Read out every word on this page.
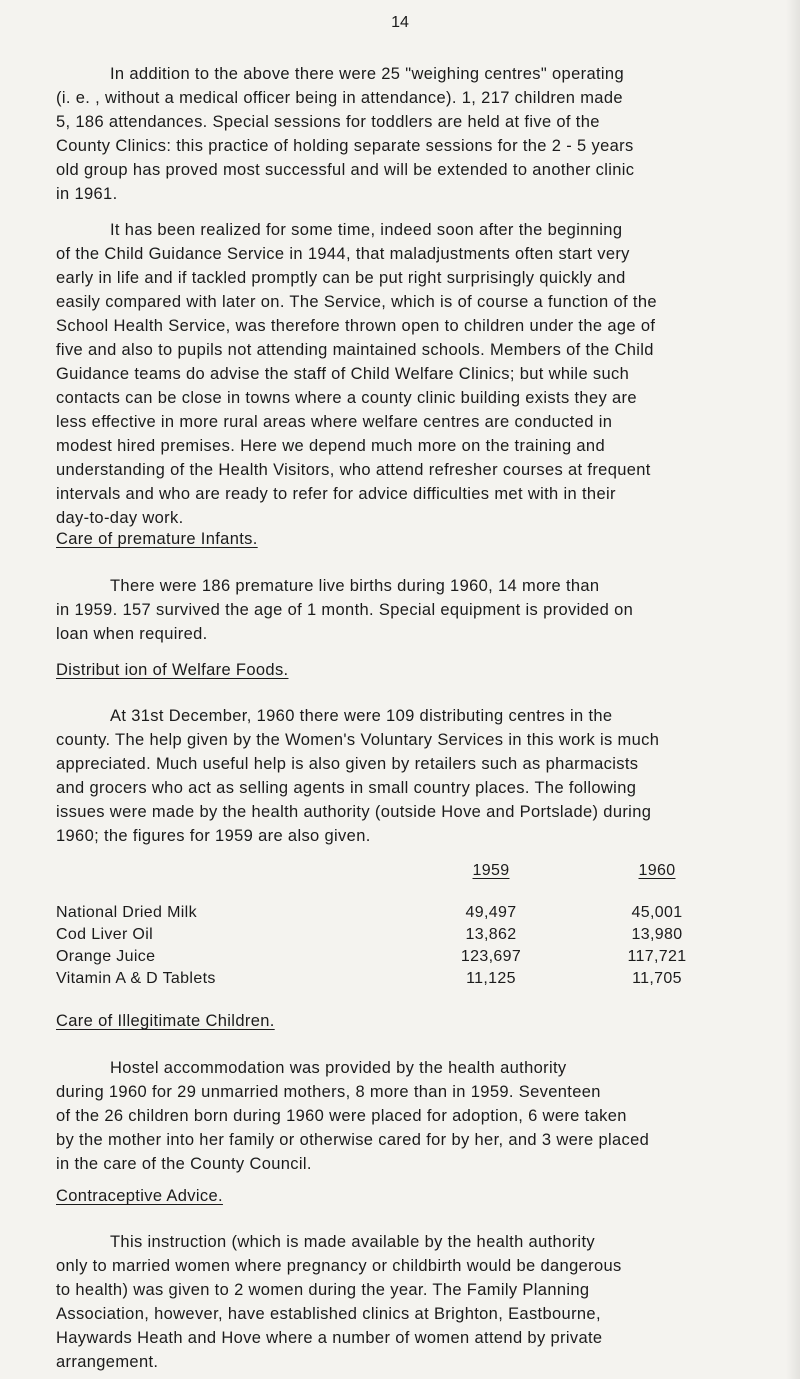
14
In addition to the above there were 25 "weighing centres" operating
(i. e. , without a medical officer being in attendance). 1, 217 children made
5, 186 attendances. Special sessions for toddlers are held at five of the
County Clinics: this practice of holding separate sessions for the 2 - 5 years
old group has proved most successful and will be extended to another clinic
in 1961.
It has been realized for some time, indeed soon after the beginning
of the Child Guidance Service in 1944, that maladjustments often start very
early in life and if tackled promptly can be put right surprisingly quickly and
easily compared with later on. The Service, which is of course a function of the
School Health Service, was therefore thrown open to children under the age of
five and also to pupils not attending maintained schools. Members of the Child
Guidance teams do advise the staff of Child Welfare Clinics; but while such
contacts can be close in towns where a county clinic building exists they are
less effective in more rural areas where welfare centres are conducted in
modest hired premises. Here we depend much more on the training and
understanding of the Health Visitors, who attend refresher courses at frequent
intervals and who are ready to refer for advice difficulties met with in their
day-to-day work.
Care of premature Infants.
There were 186 premature live births during 1960, 14 more than
in 1959. 157 survived the age of 1 month. Special equipment is provided on
loan when required.
Distribut ion of Welfare Foods.
At 31st December, 1960 there were 109 distributing centres in the
county. The help given by the Women's Voluntary Services in this work is much
appreciated. Much useful help is also given by retailers such as pharmacists
and grocers who act as selling agents in small country places. The following
issues were made by the health authority (outside Hove and Portslade) during
1960; the figures for 1959 are also given.
	1959		1960
National Dried Milk	49,497		45,001
Cod Liver Oil	13,862		13,980
Orange Juice	123,697		117,721
Vitamin A & D Tablets	11,125		11,705
Care of Illegitimate Children.
Hostel accommodation was provided by the health authority
during 1960 for 29 unmarried mothers, 8 more than in 1959. Seventeen
of the 26 children born during 1960 were placed for adoption, 6 were taken
by the mother into her family or otherwise cared for by her, and 3 were placed
in the care of the County Council.
Contraceptive Advice.
This instruction (which is made available by the health authority
only to married women where pregnancy or childbirth would be dangerous
to health) was given to 2 women during the year. The Family Planning
Association, however, have established clinics at Brighton, Eastbourne,
Haywards Heath and Hove where a number of women attend by private
arrangement.
